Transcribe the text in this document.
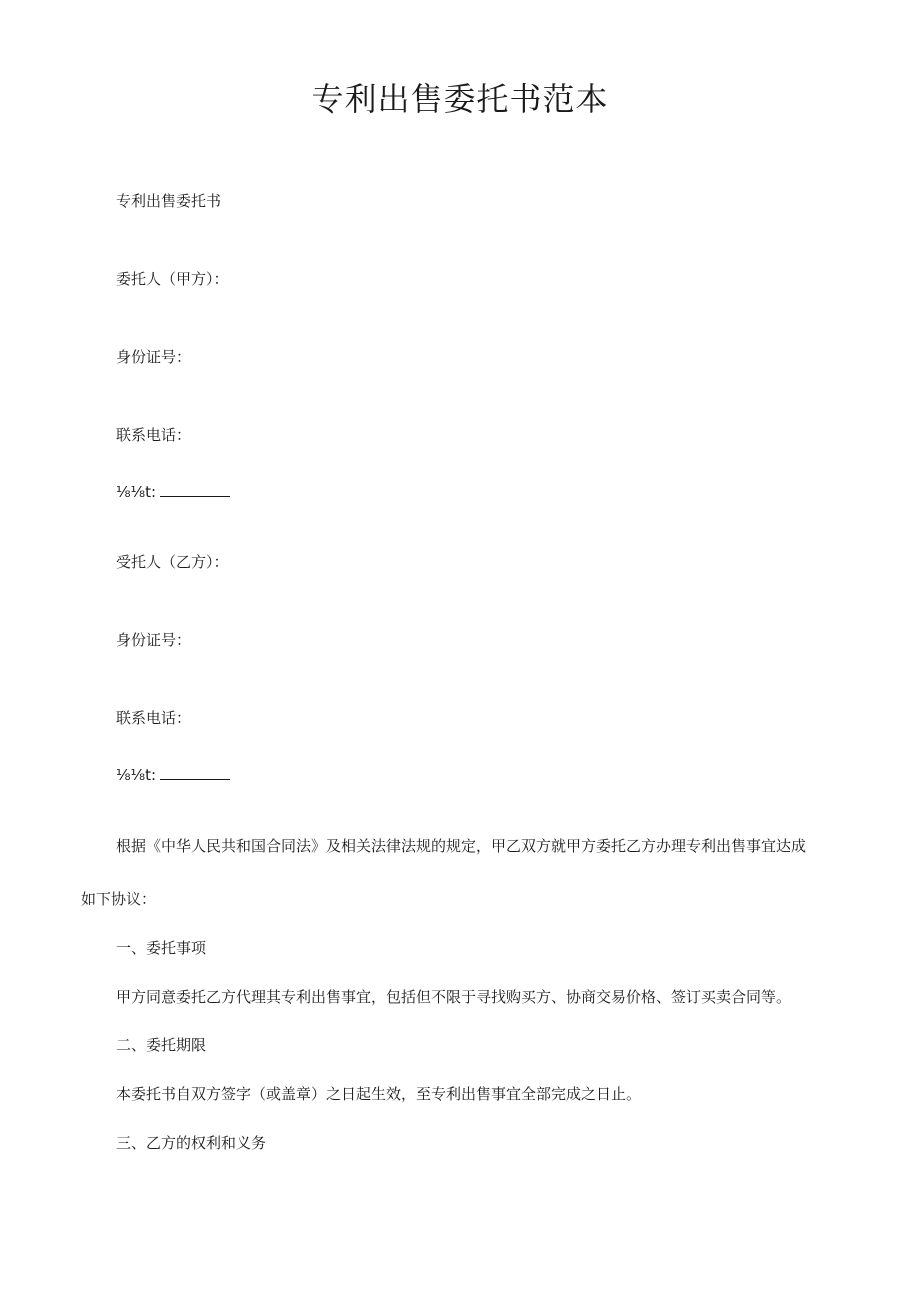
专利出售委托书范本

专利出售委托书

委托人（甲方）：

身份证号：

联系电话：

⅛⅛t:

受托人（乙方）：

身份证号：

联系电话：

⅛⅛t:

根据《中华人民共和国合同法》及相关法律法规的规定，甲乙双方就甲方委托乙方办理专利出售事宜达成

如下协议：

一、委托事项

甲方同意委托乙方代理其专利出售事宜，包括但不限于寻找购买方、协商交易价格、签订买卖合同等。

二、委托期限

本委托书自双方签字（或盖章）之日起生效，至专利出售事宜全部完成之日止。

三、乙方的权利和义务
